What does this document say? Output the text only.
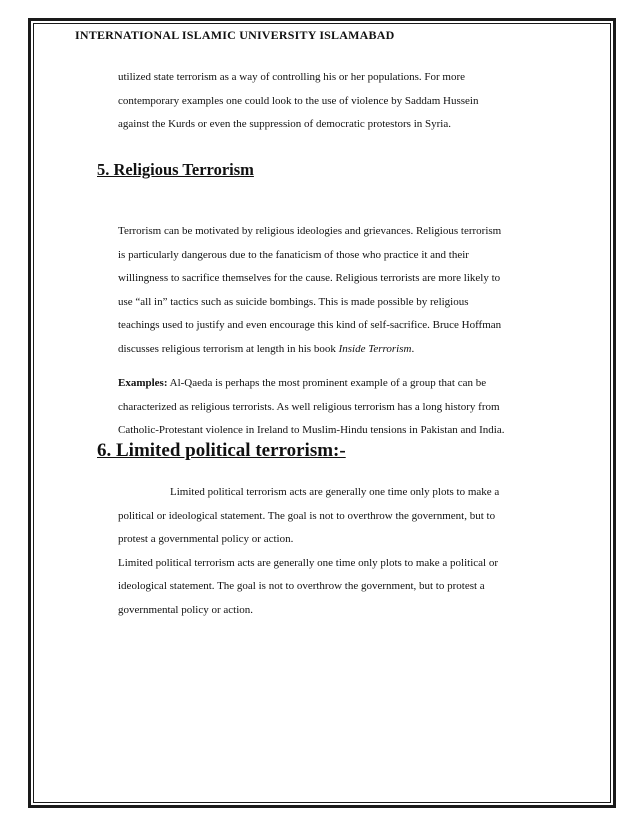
INTERNATIONAL ISLAMIC UNIVERSITY ISLAMABAD

utilized state terrorism as a way of controlling his or her populations. For more
contemporary examples one could look to the use of violence by Saddam Hussein
against the Kurds or even the suppression of democratic protestors in Syria.

5. Religious Terrorism

Terrorism can be motivated by religious ideologies and grievances. Religious terrorism
is particularly dangerous due to the fanaticism of those who practice it and their
willingness to sacrifice themselves for the cause. Religious terrorists are more likely to
use “all in” tactics such as suicide bombings. This is made possible by religious
teachings used to justify and even encourage this kind of self-sacrifice. Bruce Hoffman
discusses religious terrorism at length in his book Inside Terrorism.

Examples: Al-Qaeda is perhaps the most prominent example of a group that can be
characterized as religious terrorists. As well religious terrorism has a long history from
Catholic-Protestant violence in Ireland to Muslim-Hindu tensions in Pakistan and India.

6. Limited political terrorism:-

Limited political terrorism acts are generally one time only plots to make a
political or ideological statement. The goal is not to overthrow the government, but to
protest a governmental policy or action.
Limited political terrorism acts are generally one time only plots to make a political or
ideological statement. The goal is not to overthrow the government, but to protest a
governmental policy or action.
